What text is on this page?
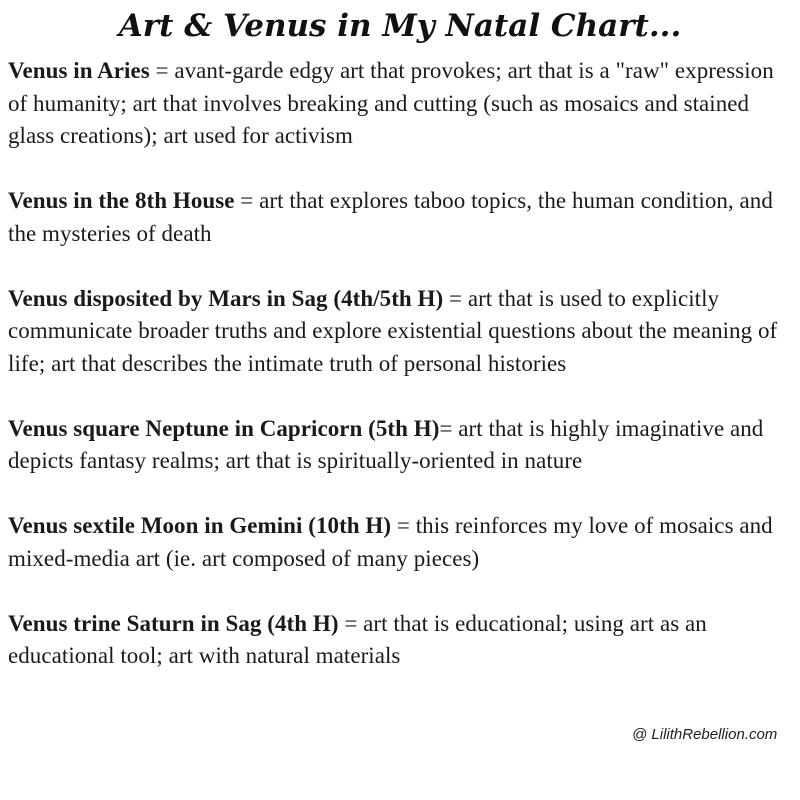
Art & Venus in My Natal Chart...

Venus in Aries = avant-garde edgy art that provokes; art that is a "raw" expression of humanity; art that involves breaking and cutting (such as mosaics and stained glass creations); art used for activism

Venus in the 8th House = art that explores taboo topics, the human condition, and the mysteries of death

Venus disposited by Mars in Sag (4th/5th H) = art that is used to explicitly communicate broader truths and explore existential questions about the meaning of life; art that describes the intimate truth of personal histories

Venus square Neptune in Capricorn (5th H)= art that is highly imaginative and depicts fantasy realms; art that is spiritually-oriented in nature

Venus sextile Moon in Gemini (10th H) = this reinforces my love of mosaics and mixed-media art (ie. art composed of many pieces)

Venus trine Saturn in Sag (4th H) = art that is educational; using art as an educational tool; art with natural materials

@ LilithRebellion.com
